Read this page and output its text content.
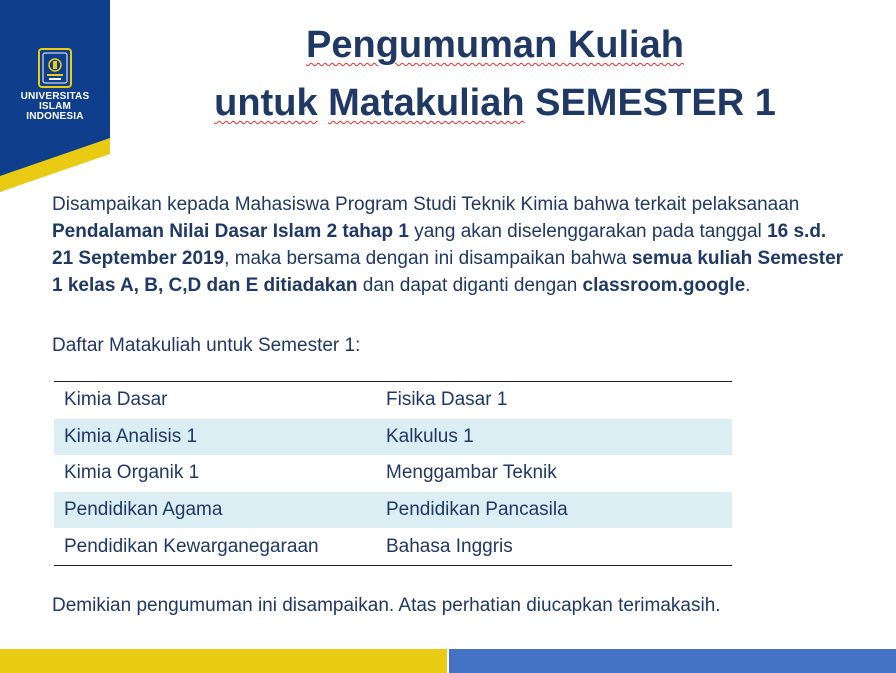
UNIVERSITAS
ISLAM
INDONESIA
Pengumuman Kuliah
untuk Matakuliah SEMESTER 1
Disampaikan kepada Mahasiswa Program Studi Teknik Kimia bahwa terkait pelaksanaan Pendalaman Nilai Dasar Islam 2 tahap 1 yang akan diselenggarakan pada tanggal 16 s.d. 21 September 2019, maka bersama dengan ini disampaikan bahwa semua kuliah Semester 1 kelas A, B, C,D dan E ditiadakan dan dapat diganti dengan classroom.google.
Daftar Matakuliah untuk Semester 1:
Kimia Dasar	Fisika Dasar 1
Kimia Analisis 1	Kalkulus 1
Kimia Organik 1	Menggambar Teknik
Pendidikan Agama	Pendidikan Pancasila
Pendidikan Kewarganegaraan	Bahasa Inggris
Demikian pengumuman ini disampaikan. Atas perhatian diucapkan terimakasih.
